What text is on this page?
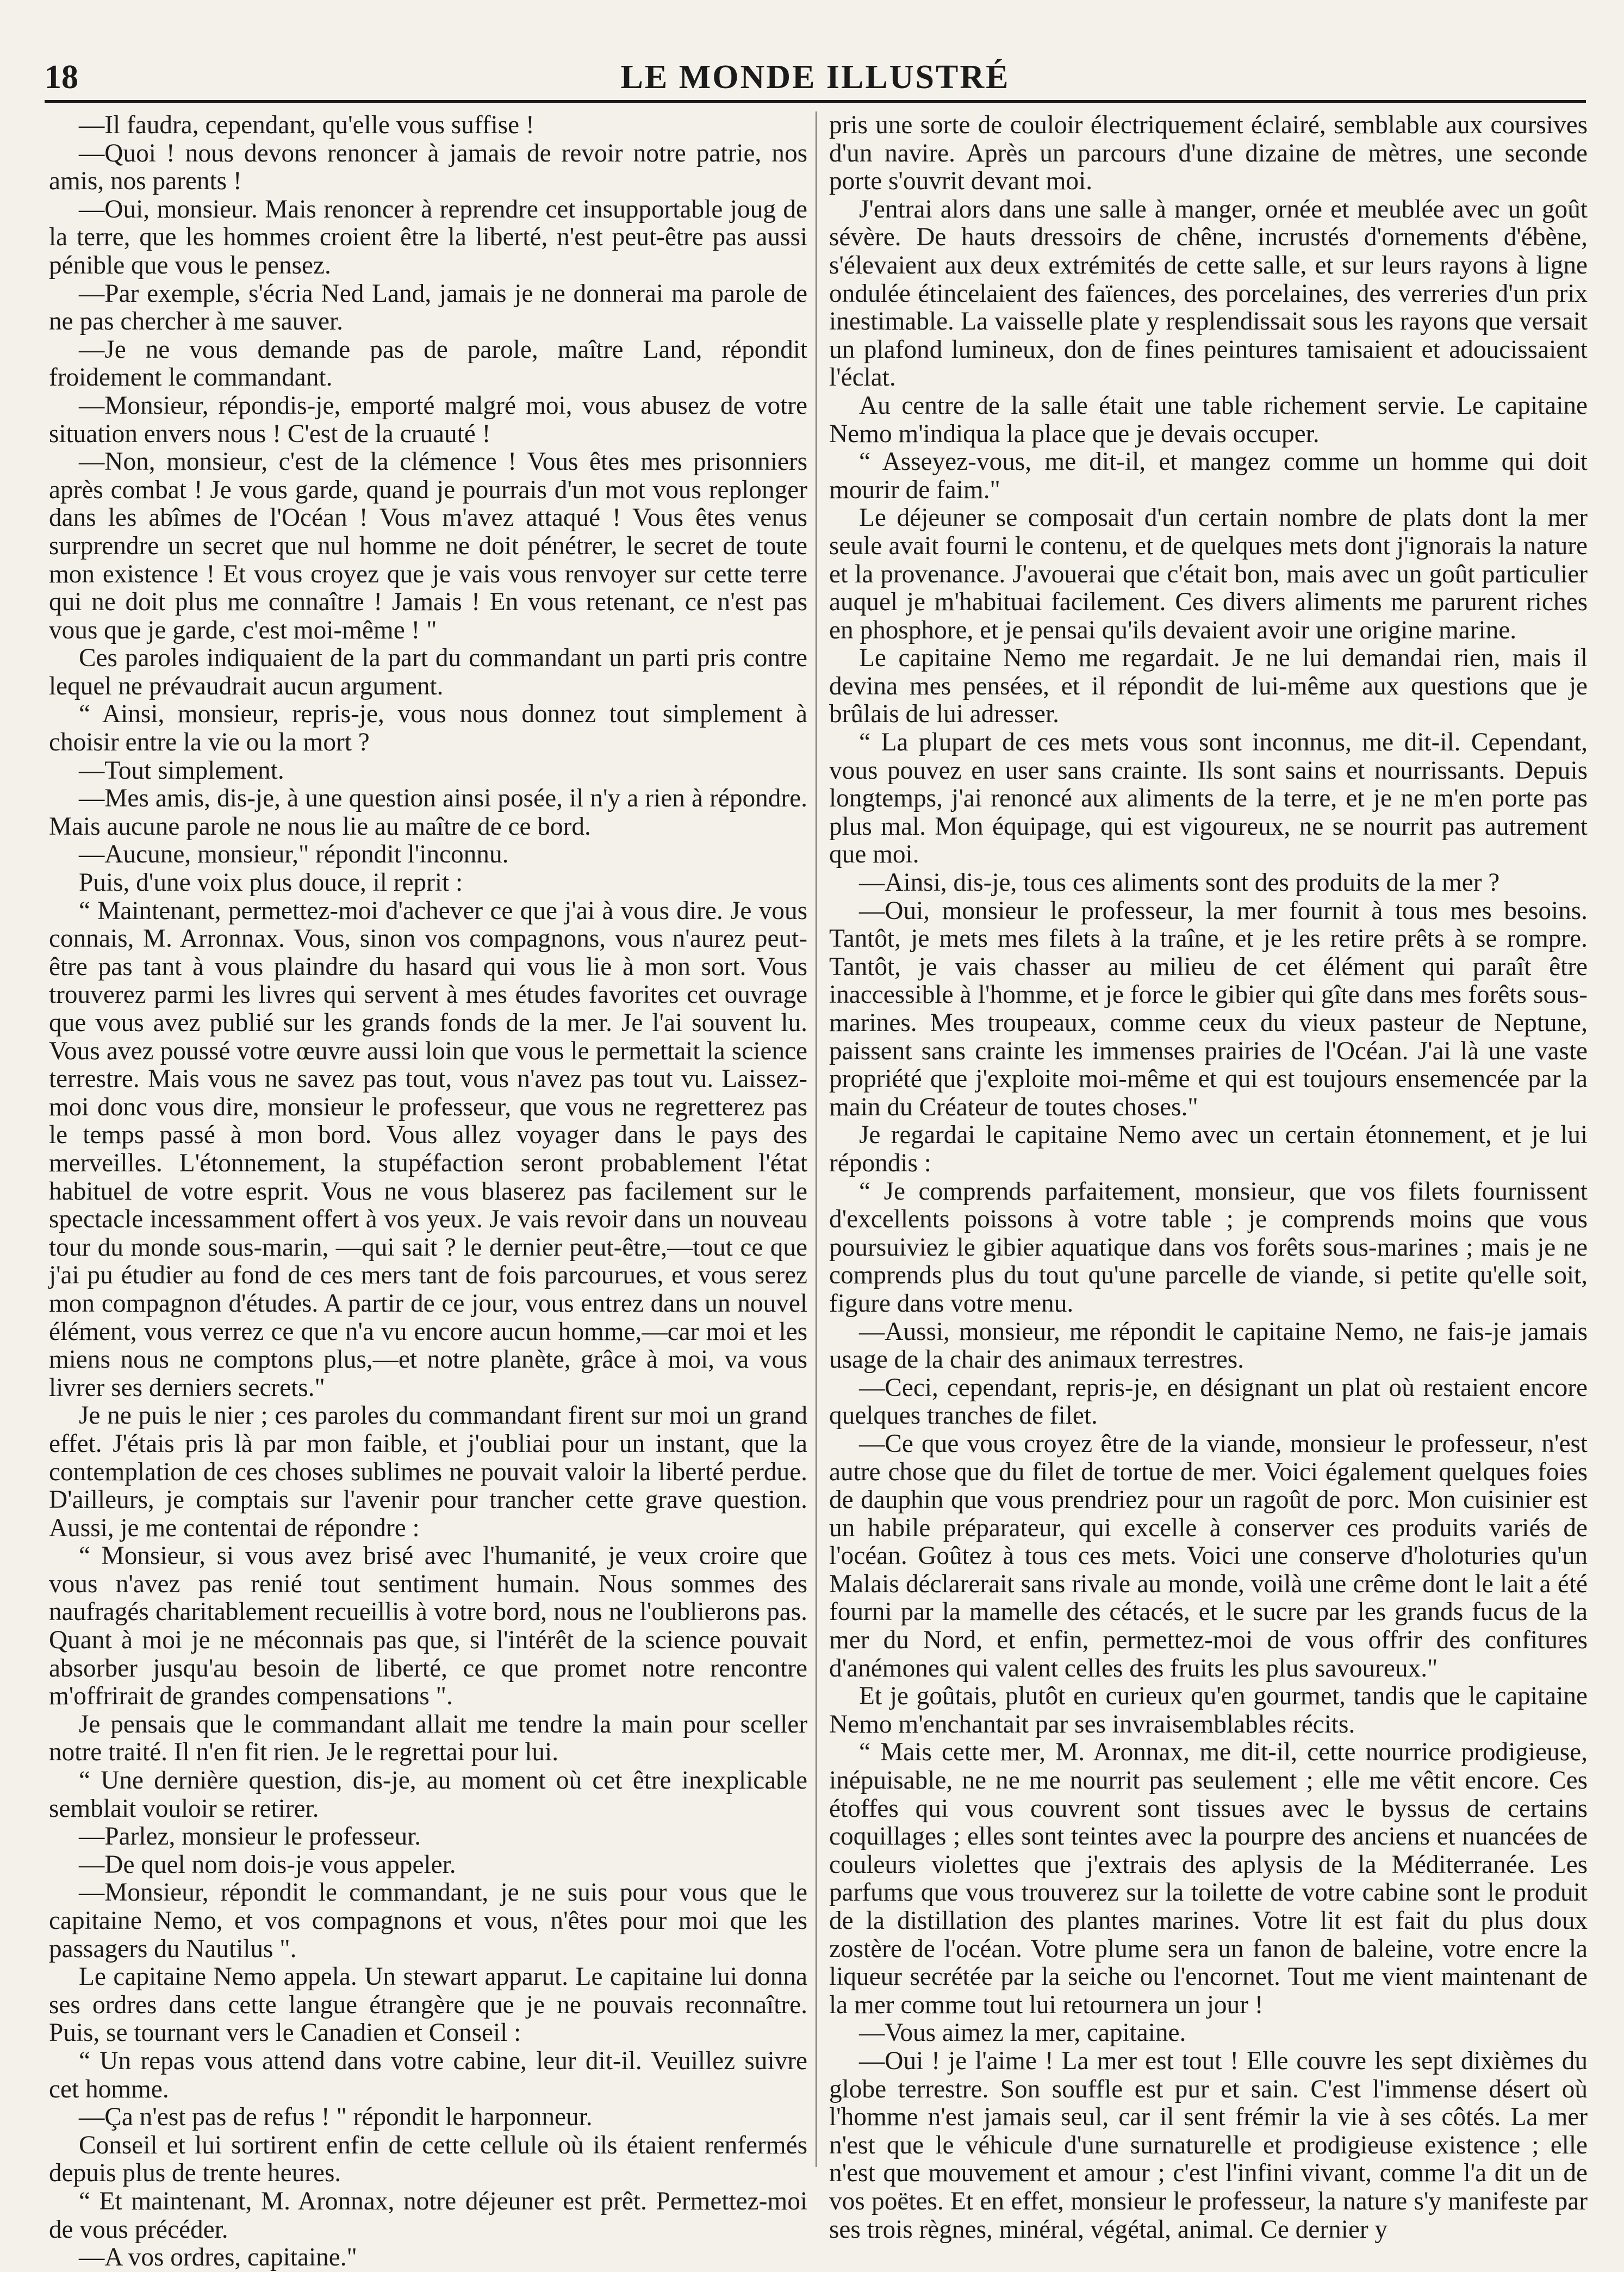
18	LE MONDE ILLUSTRÉ

—Il faudra, cependant, qu'elle vous suffise !

—Quoi ! nous devons renoncer à jamais de revoir notre patrie, nos amis, nos parents !

—Oui, monsieur. Mais renoncer à reprendre cet insupportable joug de la terre, que les hommes croient être la liberté, n'est peut-être pas aussi pénible que vous le pensez.

—Par exemple, s'écria Ned Land, jamais je ne donnerai ma parole de ne pas chercher à me sauver.

—Je ne vous demande pas de parole, maître Land, répondit froidement le commandant.

—Monsieur, répondis-je, emporté malgré moi, vous abusez de votre situation envers nous ! C'est de la cruauté !

—Non, monsieur, c'est de la clémence ! Vous êtes mes prisonniers après combat ! Je vous garde, quand je pourrais d'un mot vous replonger dans les abîmes de l'Océan ! Vous m'avez attaqué ! Vous êtes venus surprendre un secret que nul homme ne doit pénétrer, le secret de toute mon existence ! Et vous croyez que je vais vous renvoyer sur cette terre qui ne doit plus me connaître ! Jamais ! En vous retenant, ce n'est pas vous que je garde, c'est moi-même ! "

Ces paroles indiquaient de la part du commandant un parti pris contre lequel ne prévaudrait aucun argument.

“ Ainsi, monsieur, repris-je, vous nous donnez tout simplement à choisir entre la vie ou la mort ?

—Tout simplement.

—Mes amis, dis-je, à une question ainsi posée, il n'y a rien à répondre. Mais aucune parole ne nous lie au maître de ce bord.

—Aucune, monsieur," répondit l'inconnu.

Puis, d'une voix plus douce, il reprit :

“ Maintenant, permettez-moi d'achever ce que j'ai à vous dire. Je vous connais, M. Arronnax. Vous, sinon vos compagnons, vous n'aurez peut-être pas tant à vous plaindre du hasard qui vous lie à mon sort. Vous trouverez parmi les livres qui servent à mes études favorites cet ouvrage que vous avez publié sur les grands fonds de la mer. Je l'ai souvent lu. Vous avez poussé votre œuvre aussi loin que vous le permettait la science terrestre. Mais vous ne savez pas tout, vous n'avez pas tout vu. Laissez-moi donc vous dire, monsieur le professeur, que vous ne regretterez pas le temps passé à mon bord. Vous allez voyager dans le pays des merveilles. L'étonnement, la stupéfaction seront probablement l'état habituel de votre esprit. Vous ne vous blaserez pas facilement sur le spectacle incessamment offert à vos yeux. Je vais revoir dans un nouveau tour du monde sous-marin, —qui sait ? le dernier peut-être,—tout ce que j'ai pu étudier au fond de ces mers tant de fois parcourues, et vous serez mon compagnon d'études. A partir de ce jour, vous entrez dans un nouvel élément, vous verrez ce que n'a vu encore aucun homme,—car moi et les miens nous ne comptons plus,—et notre planète, grâce à moi, va vous livrer ses derniers secrets."

Je ne puis le nier ; ces paroles du commandant firent sur moi un grand effet. J'étais pris là par mon faible, et j'oubliai pour un instant, que la contemplation de ces choses sublimes ne pouvait valoir la liberté perdue. D'ailleurs, je comptais sur l'avenir pour trancher cette grave question. Aussi, je me contentai de répondre :

“ Monsieur, si vous avez brisé avec l'humanité, je veux croire que vous n'avez pas renié tout sentiment humain. Nous sommes des naufragés charitablement recueillis à votre bord, nous ne l'oublierons pas. Quant à moi je ne méconnais pas que, si l'intérêt de la science pouvait absorber jusqu'au besoin de liberté, ce que promet notre rencontre m'offrirait de grandes compensations ".

Je pensais que le commandant allait me tendre la main pour sceller notre traité. Il n'en fit rien. Je le regrettai pour lui.

“ Une dernière question, dis-je, au moment où cet être inexplicable semblait vouloir se retirer.

—Parlez, monsieur le professeur.

—De quel nom dois-je vous appeler.

—Monsieur, répondit le commandant, je ne suis pour vous que le capitaine Nemo, et vos compagnons et vous, n'êtes pour moi que les passagers du Nautilus ".

Le capitaine Nemo appela. Un stewart apparut. Le capitaine lui donna ses ordres dans cette langue étrangère que je ne pouvais reconnaître. Puis, se tournant vers le Canadien et Conseil :

“ Un repas vous attend dans votre cabine, leur dit-il. Veuillez suivre cet homme.

—Ça n'est pas de refus ! " répondit le harponneur.

Conseil et lui sortirent enfin de cette cellule où ils étaient renfermés depuis plus de trente heures.

“ Et maintenant, M. Aronnax, notre déjeuner est prêt. Permettez-moi de vous précéder.

—A vos ordres, capitaine."

pris une sorte de couloir électriquement éclairé, semblable aux coursives d'un navire. Après un parcours d'une dizaine de mètres, une seconde porte s'ouvrit devant moi.

J'entrai alors dans une salle à manger, ornée et meublée avec un goût sévère. De hauts dressoirs de chêne, incrustés d'ornements d'ébène, s'élevaient aux deux extrémités de cette salle, et sur leurs rayons à ligne ondulée étincelaient des faïences, des porcelaines, des verreries d'un prix inestimable. La vaisselle plate y resplendissait sous les rayons que versait un plafond lumineux, don de fines peintures tamisaient et adoucissaient l'éclat.

Au centre de la salle était une table richement servie. Le capitaine Nemo m'indiqua la place que je devais occuper.

“ Asseyez-vous, me dit-il, et mangez comme un homme qui doit mourir de faim."

Le déjeuner se composait d'un certain nombre de plats dont la mer seule avait fourni le contenu, et de quelques mets dont j'ignorais la nature et la provenance. J'avouerai que c'était bon, mais avec un goût particulier auquel je m'habituai facilement. Ces divers aliments me parurent riches en phosphore, et je pensai qu'ils devaient avoir une origine marine.

Le capitaine Nemo me regardait. Je ne lui demandai rien, mais il devina mes pensées, et il répondit de lui-même aux questions que je brûlais de lui adresser.

“ La plupart de ces mets vous sont inconnus, me dit-il. Cependant, vous pouvez en user sans crainte. Ils sont sains et nourrissants. Depuis longtemps, j'ai renoncé aux aliments de la terre, et je ne m'en porte pas plus mal. Mon équipage, qui est vigoureux, ne se nourrit pas autrement que moi.

—Ainsi, dis-je, tous ces aliments sont des produits de la mer ?

—Oui, monsieur le professeur, la mer fournit à tous mes besoins. Tantôt, je mets mes filets à la traîne, et je les retire prêts à se rompre. Tantôt, je vais chasser au milieu de cet élément qui paraît être inaccessible à l'homme, et je force le gibier qui gîte dans mes forêts sous-marines. Mes troupeaux, comme ceux du vieux pasteur de Neptune, paissent sans crainte les immenses prairies de l'Océan. J'ai là une vaste propriété que j'exploite moi-même et qui est toujours ensemencée par la main du Créateur de toutes choses."

Je regardai le capitaine Nemo avec un certain étonnement, et je lui répondis :

“ Je comprends parfaitement, monsieur, que vos filets fournissent d'excellents poissons à votre table ; je comprends moins que vous poursuiviez le gibier aquatique dans vos forêts sous-marines ; mais je ne comprends plus du tout qu'une parcelle de viande, si petite qu'elle soit, figure dans votre menu.

—Aussi, monsieur, me répondit le capitaine Nemo, ne fais-je jamais usage de la chair des animaux terrestres.

—Ceci, cependant, repris-je, en désignant un plat où restaient encore quelques tranches de filet.

—Ce que vous croyez être de la viande, monsieur le professeur, n'est autre chose que du filet de tortue de mer. Voici également quelques foies de dauphin que vous prendriez pour un ragoût de porc. Mon cuisinier est un habile préparateur, qui excelle à conserver ces produits variés de l'océan. Goûtez à tous ces mets. Voici une conserve d'holoturies qu'un Malais déclarerait sans rivale au monde, voilà une crême dont le lait a été fourni par la mamelle des cétacés, et le sucre par les grands fucus de la mer du Nord, et enfin, permettez-moi de vous offrir des confitures d'anémones qui valent celles des fruits les plus savoureux."

Et je goûtais, plutôt en curieux qu'en gourmet, tandis que le capitaine Nemo m'enchantait par ses invraisemblables récits.

“ Mais cette mer, M. Aronnax, me dit-il, cette nourrice prodigieuse, inépuisable, ne ne me nourrit pas seulement ; elle me vêtit encore. Ces étoffes qui vous couvrent sont tissues avec le byssus de certains coquillages ; elles sont teintes avec la pourpre des anciens et nuancées de couleurs violettes que j'extrais des aplysis de la Méditerranée. Les parfums que vous trouverez sur la toilette de votre cabine sont le produit de la distillation des plantes marines. Votre lit est fait du plus doux zostère de l'océan. Votre plume sera un fanon de baleine, votre encre la liqueur secrétée par la seiche ou l'encornet. Tout me vient maintenant de la mer comme tout lui retournera un jour !

—Vous aimez la mer, capitaine.

—Oui ! je l'aime ! La mer est tout ! Elle couvre les sept dixièmes du globe terrestre. Son souffle est pur et sain. C'est l'immense désert où l'homme n'est jamais seul, car il sent frémir la vie à ses côtés. La mer n'est que le véhicule d'une surnaturelle et prodigieuse existence ; elle n'est que mouvement et amour ; c'est l'infini vivant, comme l'a dit un de vos poëtes. Et en effet, monsieur le professeur, la nature s'y manifeste par ses trois règnes, minéral, végétal, animal. Ce dernier y
